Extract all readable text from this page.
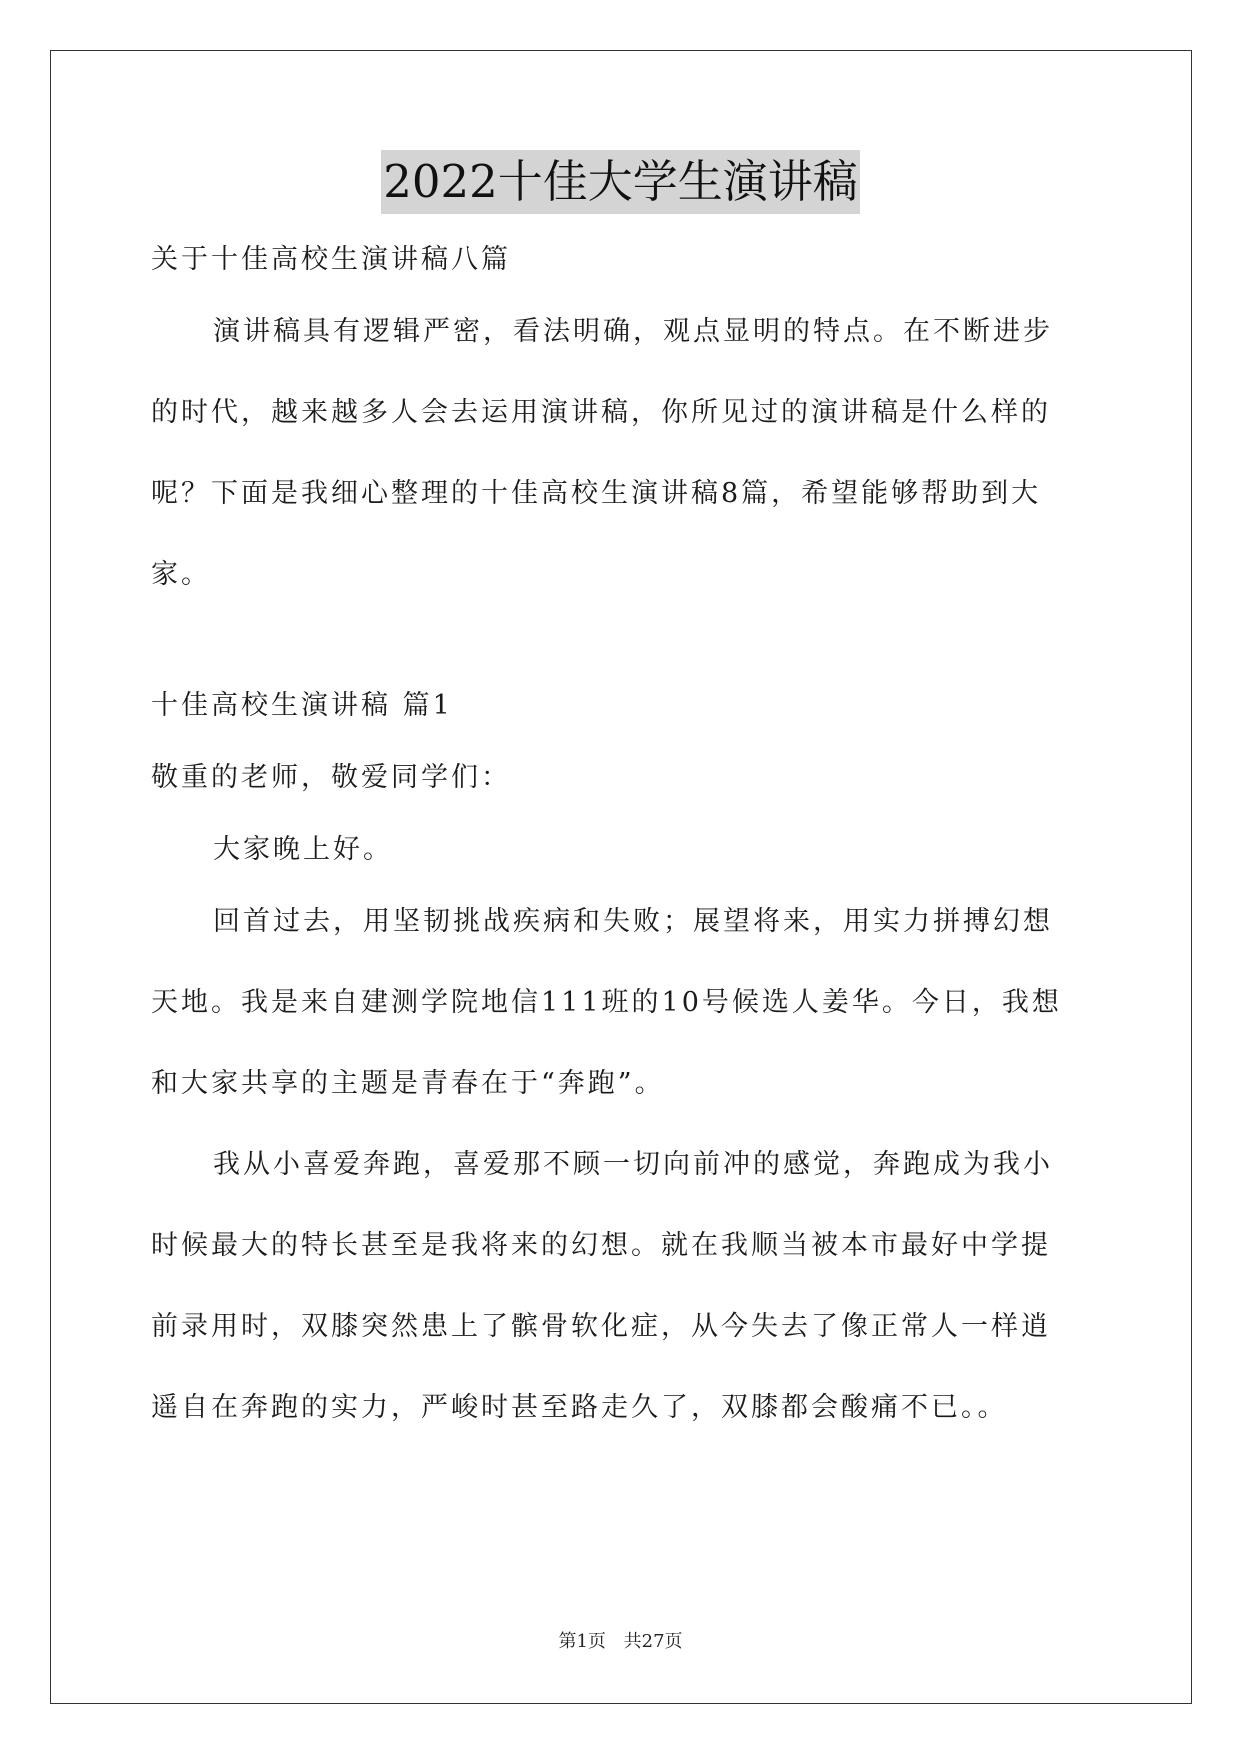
2022十佳大学生演讲稿
关于十佳高校生演讲稿八篇
演讲稿具有逻辑严密，看法明确，观点显明的特点。在不断进步
的时代，越来越多人会去运用演讲稿，你所见过的演讲稿是什么样的
呢？下面是我细心整理的十佳高校生演讲稿8篇，希望能够帮助到大
家。
十佳高校生演讲稿 篇1
敬重的老师，敬爱同学们：
大家晚上好。
回首过去，用坚韧挑战疾病和失败；展望将来，用实力拼搏幻想
天地。我是来自建测学院地信111班的10号候选人姜华。今日，我想
和大家共享的主题是青春在于“奔跑”。
我从小喜爱奔跑，喜爱那不顾一切向前冲的感觉，奔跑成为我小
时候最大的特长甚至是我将来的幻想。就在我顺当被本市最好中学提
前录用时，双膝突然患上了髌骨软化症，从今失去了像正常人一样逍
遥自在奔跑的实力，严峻时甚至路走久了，双膝都会酸痛不已。。
第1页 共27页
